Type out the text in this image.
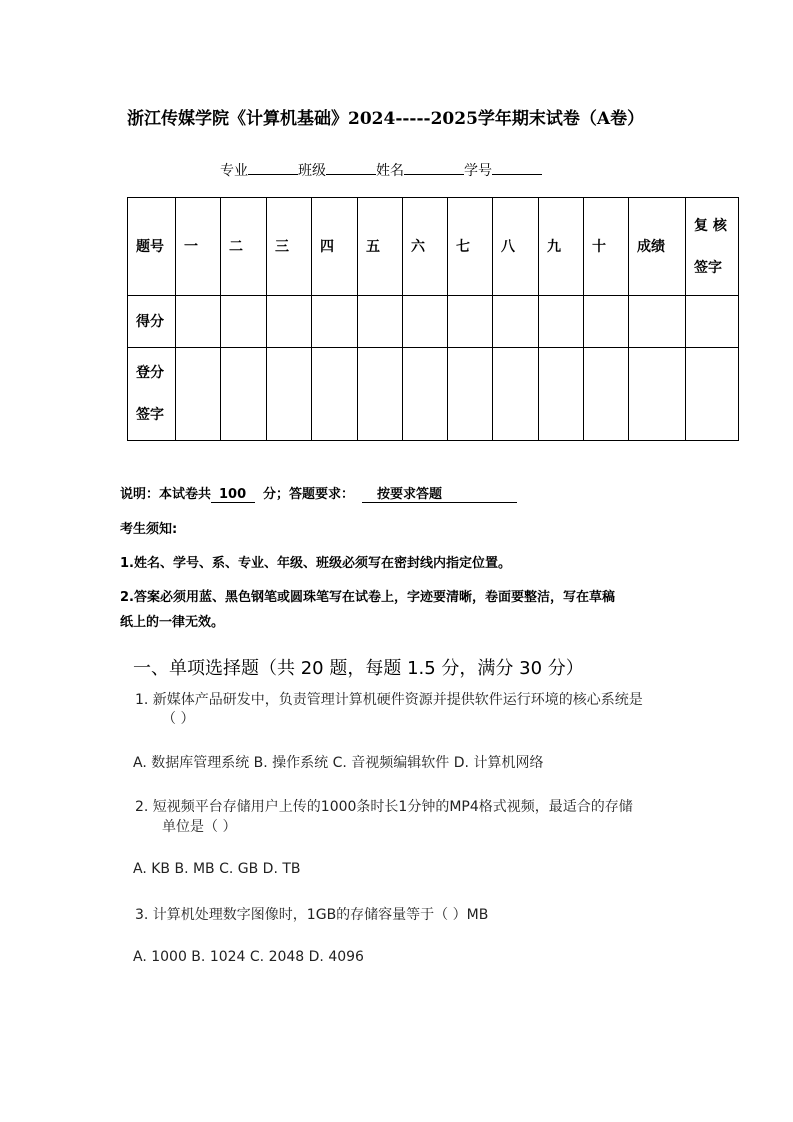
浙江传媒学院《计算机基础》2024-----2025学年期末试卷（A卷）
专业	班级	姓名	学号
题号	一	二	三	四	五	六	七	八	九	十	成绩	复 核 签字
得分												
登分 签字												
说明：本试卷共 100 分；答题要求： 按要求答题
考生须知:
1.姓名、学号、系、专业、年级、班级必须写在密封线内指定位置。
2.答案必须用蓝、黑色钢笔或圆珠笔写在试卷上，字迹要清晰，卷面要整洁，写在草稿
纸上的一律无效。
一、单项选择题（共 20 题，每题 1.5 分，满分 30 分）
1. 新媒体产品研发中，负责管理计算机硬件资源并提供软件运行环境的核心系统是
（ ）
A. 数据库管理系统 B. 操作系统 C. 音视频编辑软件 D. 计算机网络
2. 短视频平台存储用户上传的1000条时长1分钟的MP4格式视频，最适合的存储
单位是（ ）
A. KB B. MB C. GB D. TB
3. 计算机处理数字图像时，1GB的存储容量等于（ ）MB
A. 1000 B. 1024 C. 2048 D. 4096
